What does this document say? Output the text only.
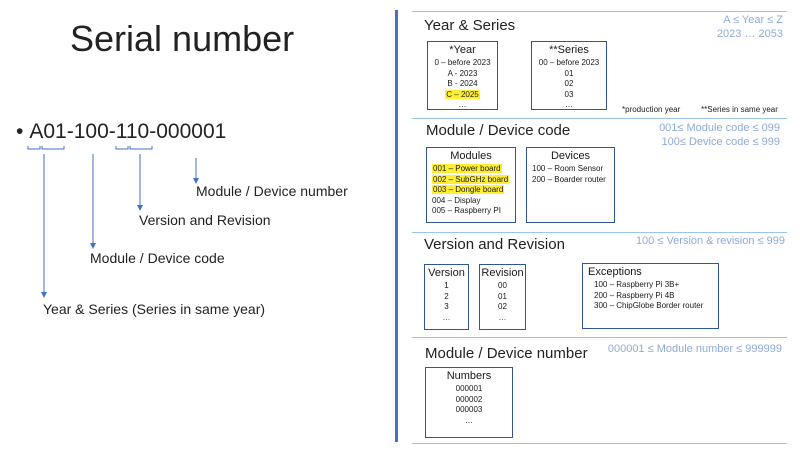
Serial number
• A01-100-110-000001
Module / Device number
Version and Revision
Module / Device code
Year & Series (Series in same year)
Year & Series	A ≤ Year ≤ Z
2023 … 2053
*Year
0 – before 2023
A - 2023
B - 2024
C – 2025
…
**Series
00 – before 2023
01
02
03
…
*production year	**Series in same year
Module / Device code	001≤ Module code ≤ 099
100≤ Device code ≤ 999
Modules
001 – Power board
002 – SubGHz board
003 – Dongle board
004 – Display
005 – Raspberry PI
Devices
100 – Room Sensor
200 – Boarder router
Version and Revision	100 ≤ Version & revision ≤ 999
Version
1
2
3
…
Revision
00
01
02
…
Exceptions
100 – Raspberry Pi 3B+
200 – Raspberry Pi 4B
300 – ChipGlobe Border router
Module / Device number 000001 ≤ Module number ≤ 999999
Numbers
000001
000002
000003
…
